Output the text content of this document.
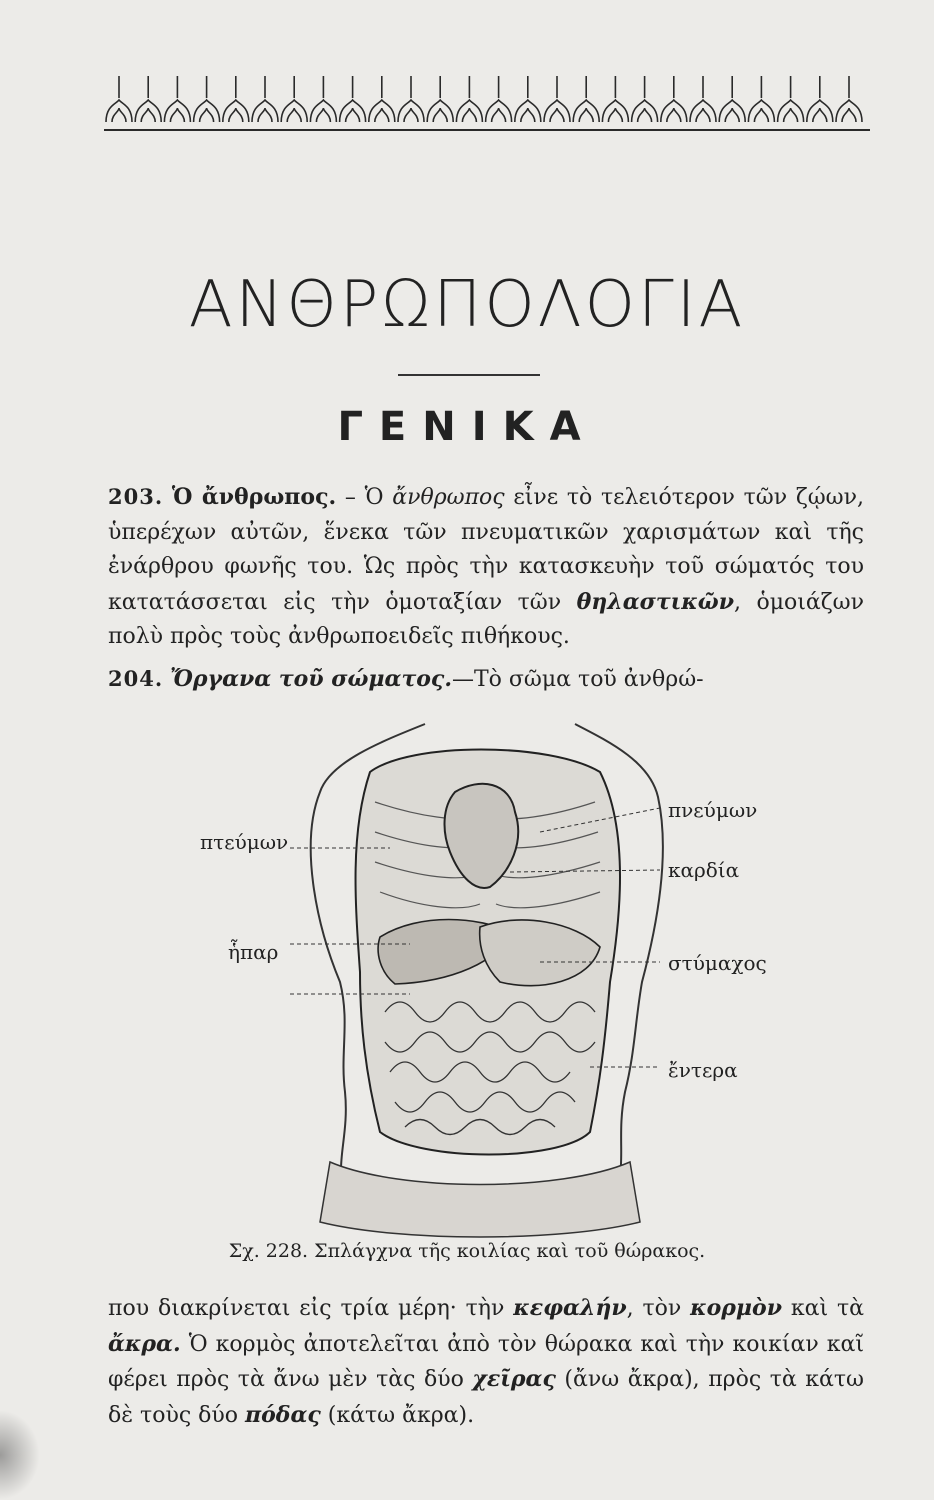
ΑΝΘΡΩΠΟΛΟΓΙΑ
ΓΕΝΙΚΑ
203. Ὁ ἄνθρωπος. – Ὁ ἄνθρωπος εἶνε τὸ τελειότερον τῶν ζῴων, ὑπερέχων αὐτῶν, ἕνεκα τῶν πνευματικῶν χαρισμάτων καὶ τῆς ἐνάρθρου φωνῆς του. Ὡς πρὸς τὴν κατασκευὴν τοῦ σώματός του κατατάσσεται εἰς τὴν ὁμοταξίαν τῶν θηλαστικῶν, ὁμοιάζων πολὺ πρὸς τοὺς ἀνθρωποειδεῖς πιθήκους.
204. Ὄργανα τοῦ σώματος.—Τὸ σῶμα τοῦ ἀνθρώ-
πνεύμων
πτεύμων
καρδία
ἧπαρ	στύμαχος
ἔντερα
Σχ. 228. Σπλάγχνα τῆς κοιλίας καὶ τοῦ θώρακος.
που διακρίνεται εἰς τρία μέρη· τὴν κεφαλήν, τὸν κορμὸν καὶ τὰ ἄκρα. Ὁ κορμὸς ἀποτελεῖται ἀπὸ τὸν θώρακα καὶ τὴν κοικίαν καῖ φέρει πρὸς τὰ ἄνω μὲν τὰς δύο χεῖρας (ἄνω ἄκρα), πρὸς τὰ κάτω δὲ τοὺς δύο πόδας (κάτω ἄκρα).
